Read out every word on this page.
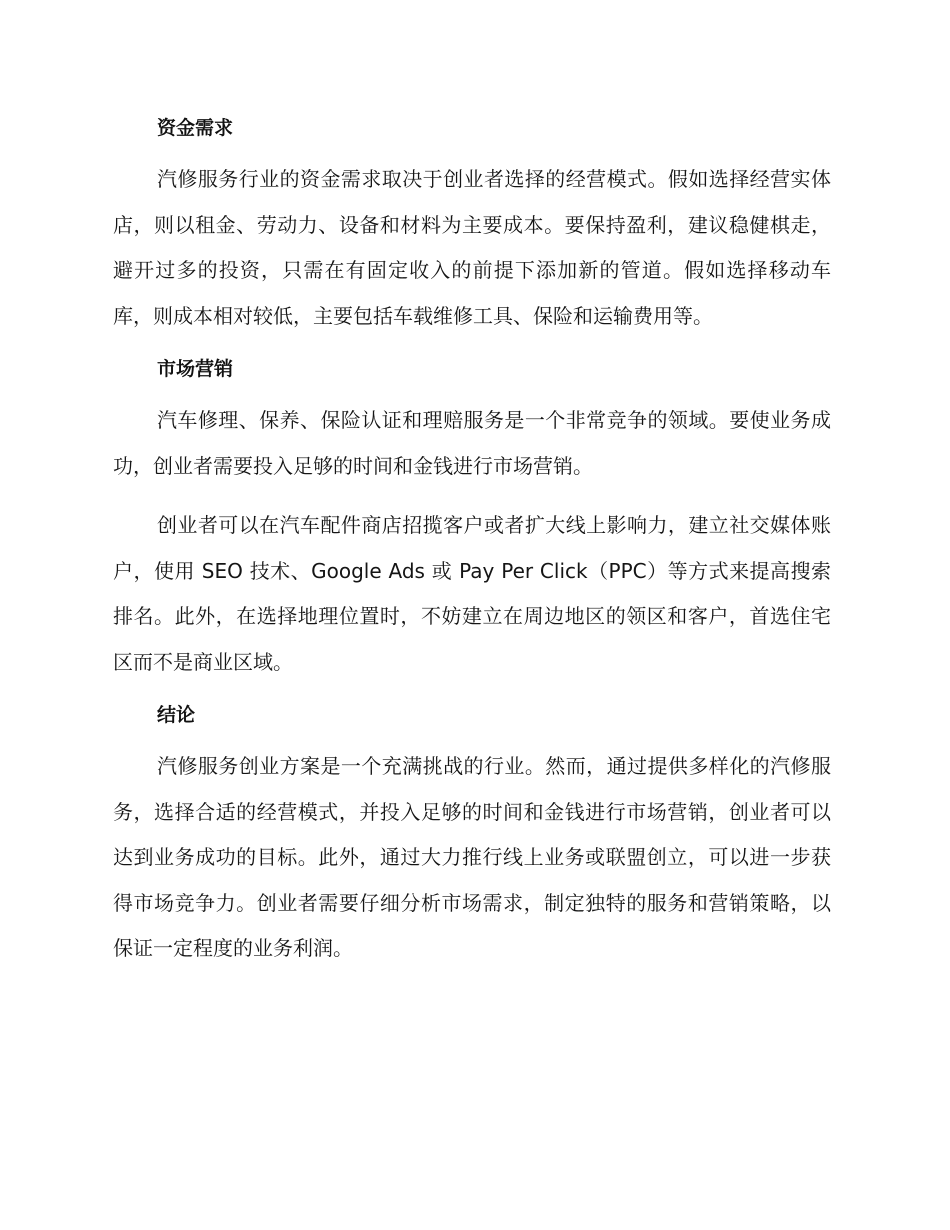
资金需求

汽修服务行业的资金需求取决于创业者选择的经营模式。假如选择经营实体店，则以租金、劳动力、设备和材料为主要成本。要保持盈利，建议稳健棋走，避开过多的投资，只需在有固定收入的前提下添加新的管道。假如选择移动车库，则成本相对较低，主要包括车载维修工具、保险和运输费用等。

市场营销

汽车修理、保养、保险认证和理赔服务是一个非常竞争的领域。要使业务成功，创业者需要投入足够的时间和金钱进行市场营销。

创业者可以在汽车配件商店招揽客户或者扩大线上影响力，建立社交媒体账户，使用 SEO 技术、Google Ads 或 Pay Per Click（PPC）等方式来提高搜索排名。此外，在选择地理位置时，不妨建立在周边地区的领区和客户，首选住宅区而不是商业区域。

结论

汽修服务创业方案是一个充满挑战的行业。然而，通过提供多样化的汽修服务，选择合适的经营模式，并投入足够的时间和金钱进行市场营销，创业者可以达到业务成功的目标。此外，通过大力推行线上业务或联盟创立，可以进一步获得市场竞争力。创业者需要仔细分析市场需求，制定独特的服务和营销策略，以保证一定程度的业务利润。
